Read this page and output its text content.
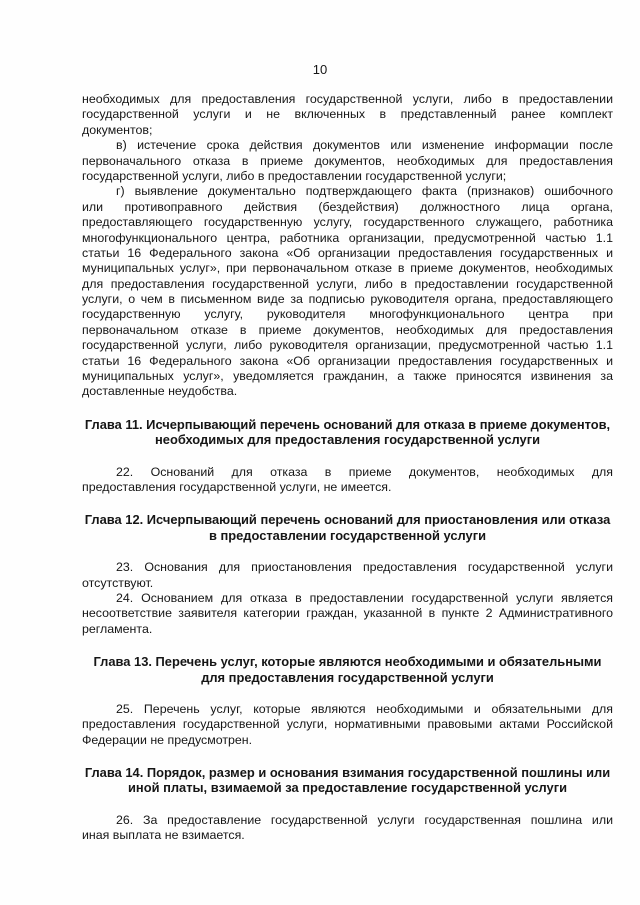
10
необходимых для предоставления государственной услуги, либо в предоставлении
государственной услуги и не включенных в представленный ранее комплект
документов;
в) истечение срока действия документов или изменение информации после
первоначального отказа в приеме документов, необходимых для предоставления
государственной услуги, либо в предоставлении государственной услуги;
г) выявление документально подтверждающего факта (признаков) ошибочного
или противоправного действия (бездействия) должностного лица органа,
предоставляющего государственную услугу, государственного служащего, работника
многофункционального центра, работника организации, предусмотренной частью 1.1
статьи 16 Федерального закона «Об организации предоставления государственных и
муниципальных услуг», при первоначальном отказе в приеме документов, необходимых
для предоставления государственной услуги, либо в предоставлении государственной
услуги, о чем в письменном виде за подписью руководителя органа, предоставляющего
государственную услугу, руководителя многофункционального центра при
первоначальном отказе в приеме документов, необходимых для предоставления
государственной услуги, либо руководителя организации, предусмотренной частью 1.1
статьи 16 Федерального закона «Об организации предоставления государственных и
муниципальных услуг», уведомляется гражданин, а также приносятся извинения за
доставленные неудобства.
Глава 11. Исчерпывающий перечень оснований для отказа в приеме документов,
необходимых для предоставления государственной услуги
22. Оснований для отказа в приеме документов, необходимых для
предоставления государственной услуги, не имеется.
Глава 12. Исчерпывающий перечень оснований для приостановления или отказа
в предоставлении государственной услуги
23. Основания для приостановления предоставления государственной услуги
отсутствуют.
24. Основанием для отказа в предоставлении государственной услуги является
несоответствие заявителя категории граждан, указанной в пункте 2 Административного
регламента.
Глава 13. Перечень услуг, которые являются необходимыми и обязательными
для предоставления государственной услуги
25. Перечень услуг, которые являются необходимыми и обязательными для
предоставления государственной услуги, нормативными правовыми актами Российской
Федерации не предусмотрен.
Глава 14. Порядок, размер и основания взимания государственной пошлины или
иной платы, взимаемой за предоставление государственной услуги
26. За предоставление государственной услуги государственная пошлина или
иная выплата не взимается.
